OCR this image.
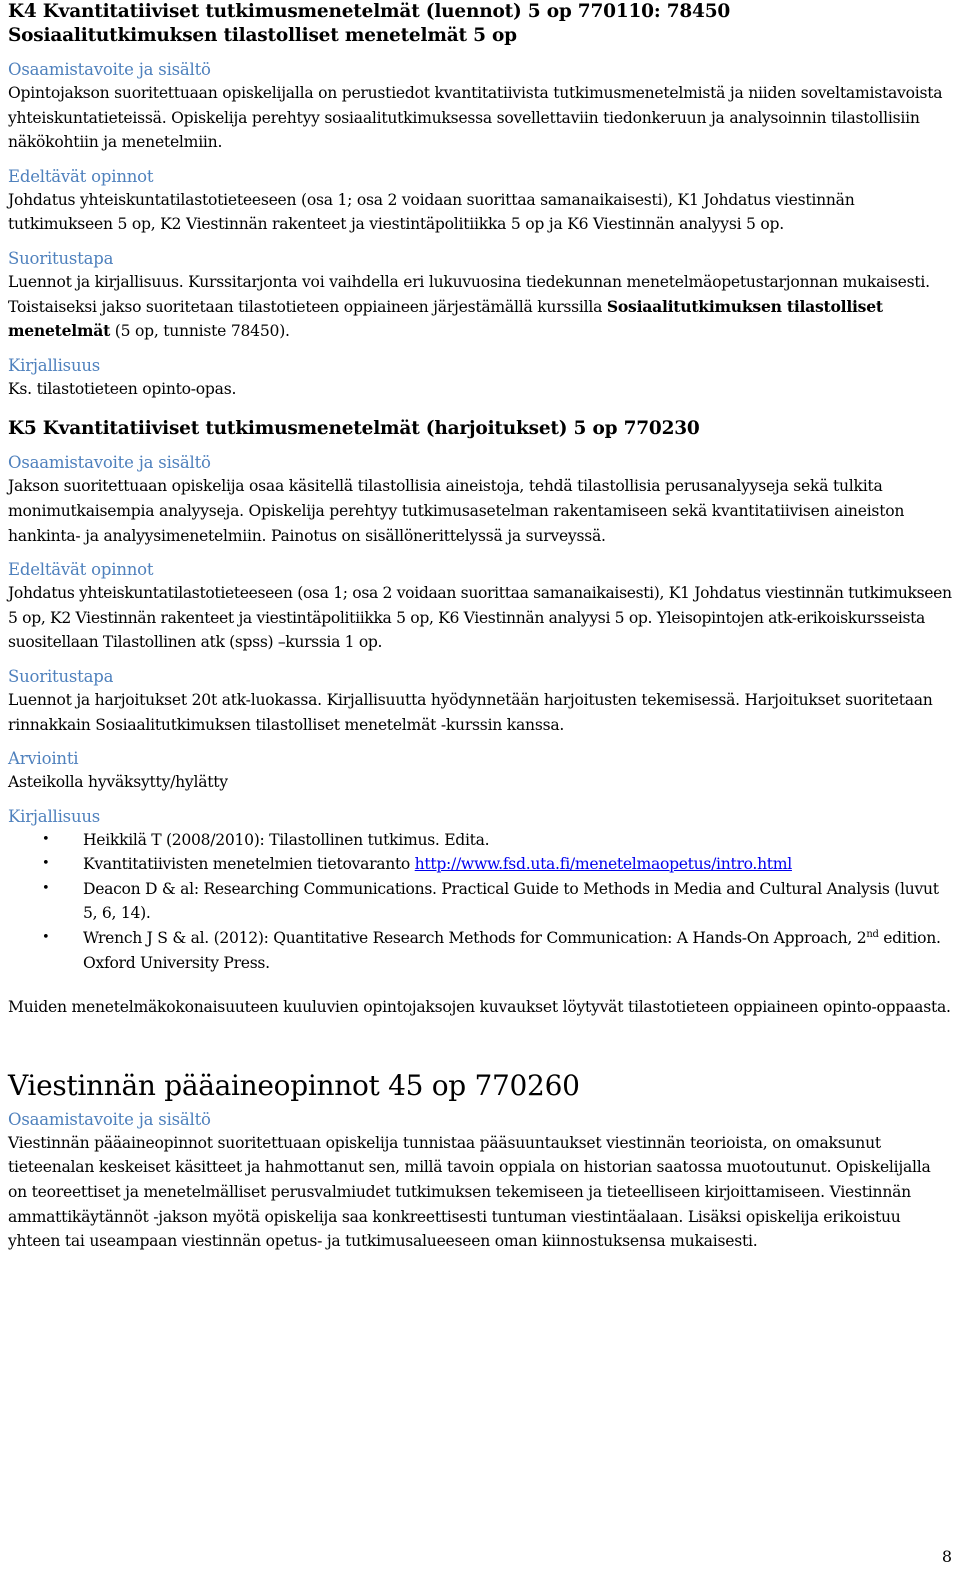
K4 Kvantitatiiviset tutkimusmenetelmät (luennot) 5 op 770110: 78450
Sosiaalitutkimuksen tilastolliset menetelmät 5 op
Osaamistavoite ja sisältö

Opintojakson suoritettuaan opiskelijalla on perustiedot kvantitatiivista tutkimusmenetelmistä ja niiden soveltamistavoista yhteiskuntatieteissä. Opiskelija perehtyy sosiaalitutkimuksessa sovellettaviin tiedonkeruun ja analysoinnin tilastollisiin näkökohtiin ja menetelmiin.

Edeltävät opinnot

Johdatus yhteiskuntatilastotieteeseen (osa 1; osa 2 voidaan suorittaa samanaikaisesti), K1 Johdatus viestinnän tutkimukseen 5 op, K2 Viestinnän rakenteet ja viestintäpolitiikka 5 op ja K6 Viestinnän analyysi 5 op.

Suoritustapa

Luennot ja kirjallisuus. Kurssitarjonta voi vaihdella eri lukuvuosina tiedekunnan menetelmäopetustarjonnan mukaisesti. Toistaiseksi jakso suoritetaan tilastotieteen oppiaineen järjestämällä kurssilla Sosiaalitutkimuksen tilastolliset menetelmät (5 op, tunniste 78450).

Kirjallisuus

Ks. tilastotieteen opinto-opas.

K5 Kvantitatiiviset tutkimusmenetelmät (harjoitukset) 5 op 770230
Osaamistavoite ja sisältö

Jakson suoritettuaan opiskelija osaa käsitellä tilastollisia aineistoja, tehdä tilastollisia perusanalyyseja sekä tulkita monimutkaisempia analyyseja. Opiskelija perehtyy tutkimusasetelman rakentamiseen sekä kvantitatiivisen aineiston hankinta- ja analyysimenetelmiin. Painotus on sisällönerittelyssä ja surveyssä.

Edeltävät opinnot

Johdatus yhteiskuntatilastotieteeseen (osa 1; osa 2 voidaan suorittaa samanaikaisesti), K1 Johdatus viestinnän tutkimukseen 5 op, K2 Viestinnän rakenteet ja viestintäpolitiikka 5 op, K6 Viestinnän analyysi 5 op. Yleisopintojen atk-erikoiskursseista suositellaan Tilastollinen atk (spss) –kurssia 1 op.

Suoritustapa

Luennot ja harjoitukset 20t atk-luokassa. Kirjallisuutta hyödynnetään harjoitusten tekemisessä. Harjoitukset suoritetaan rinnakkain Sosiaalitutkimuksen tilastolliset menetelmät -kurssin kanssa.

Arviointi

Asteikolla hyväksytty/hylätty

Kirjallisuus
• Heikkilä T (2008/2010): Tilastollinen tutkimus. Edita.
• Kvantitatiivisten menetelmien tietovaranto http://www.fsd.uta.fi/menetelmaopetus/intro.html
• Deacon D & al: Researching Communications. Practical Guide to Methods in Media and Cultural Analysis (luvut 5, 6, 14).
• Wrench J S & al. (2012): Quantitative Research Methods for Communication: A Hands-On Approach, 2nd edition. Oxford University Press.

Muiden menetelmäkokonaisuuteen kuuluvien opintojaksojen kuvaukset löytyvät tilastotieteen oppiaineen opinto-oppaasta.

Viestinnän pääaineopinnot 45 op 770260
Osaamistavoite ja sisältö

Viestinnän pääaineopinnot suoritettuaan opiskelija tunnistaa pääsuuntaukset viestinnän teorioista, on omaksunut tieteenalan keskeiset käsitteet ja hahmottanut sen, millä tavoin oppiala on historian saatossa muotoutunut. Opiskelijalla on teoreettiset ja menetelmälliset perusvalmiudet tutkimuksen tekemiseen ja tieteelliseen kirjoittamiseen. Viestinnän ammattikäytännöt -jakson myötä opiskelija saa konkreettisesti tuntuman viestintäalaan. Lisäksi opiskelija erikoistuu yhteen tai useampaan viestinnän opetus- ja tutkimusalueeseen oman kiinnostuksensa mukaisesti.

8
